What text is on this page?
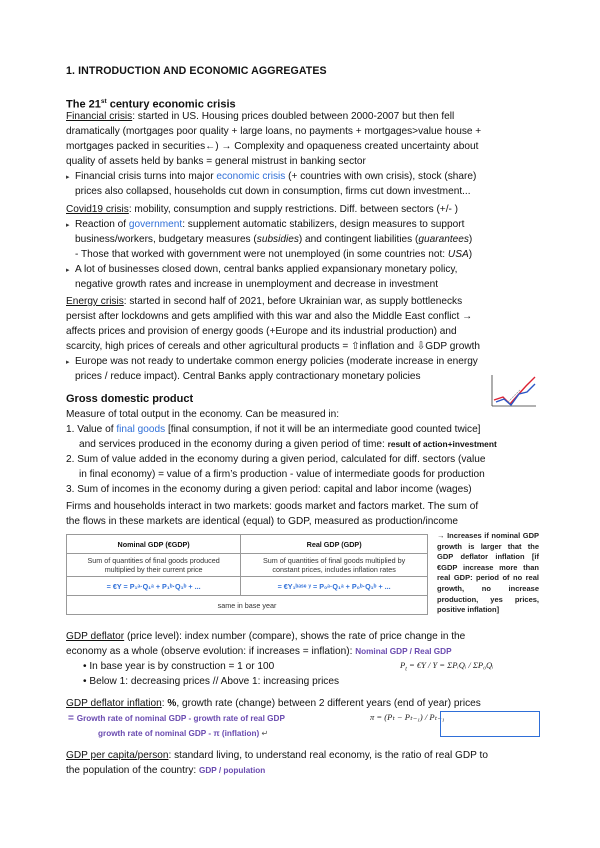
1. INTRODUCTION AND ECONOMIC AGGREGATES
The 21st century economic crisis
Financial crisis: started in US. Housing prices doubled between 2000-2007 but then fell
dramatically (mortgages poor quality + large loans, no payments + mortgages>value house +
mortgages packed in securities←) → Complexity and opaqueness created uncertainty about
quality of assets held by banks = general mistrust in banking sector
▸ Financial crisis turns into major economic crisis (+ countries with own crisis), stock (share)
prices also collapsed, households cut down in consumption, firms cut down investment...
Covid19 crisis: mobility, consumption and supply restrictions. Diff. between sectors (+/- )
▸ Reaction of government: supplement automatic stabilizers, design measures to support
business/workers, budgetary measures (subsidies) and contingent liabilities (guarantees)
- Those that worked with government were not unemployed (in some countries not: USA)
▸ A lot of businesses closed down, central banks applied expansionary monetary policy,
negative growth rates and increase in unemployment and decrease in investment
Energy crisis: started in second half of 2021, before Ukrainian war, as supply bottlenecks
persist after lockdowns and gets amplified with this war and also the Middle East conflict →
affects prices and provision of energy goods (+Europe and its industrial production) and
scarcity, high prices of cereals and other agricultural products = ⇧inflation and ⇩GDP growth
▸ Europe was not ready to undertake common energy policies (moderate increase in energy
prices / reduce impact). Central Banks apply contractionary monetary policies
Gross domestic product
Measure of total output in the economy. Can be measured in:
1. Value of final goods [final consumption, if not it will be an intermediate good counted twice]
and services produced in the economy during a given period of time: result of action+investment
2. Sum of value added in the economy during a given period, calculated for diff. sectors (value
in final economy) = value of a firm’s production - value of intermediate goods for production
3. Sum of incomes in the economy during a given period: capital and labor income (wages)
Firms and households interact in two markets: goods market and factors market. The sum of
the flows in these markets are identical (equal) to GDP, measured as production/income
Nominal GDP (€GDP)	Real GDP (GDP)
Sum of quantities of final goods produced
multiplied by their current price	Sum of quantities of final goods multiplied by
constant prices, includes inflation rates
= €Y = P₁ᵃ·Q₁ᵃ + P₁ᵇ·Q₁ᵇ + ...	= €Y₁ᵇᵃˢᵉ ʸ = P₀ᵃ·Q₁ᵃ + P₀ᵇ·Q₁ᵇ + ...
same in base year	
→ Increases if nominal GDP growth is larger that the GDP deflator inflation [if €GDP increase more than real GDP: period of no real growth, no increase production, yes prices, positive inflation]
GDP deflator (price level): index number (compare), shows the rate of price change in the
economy as a whole (observe evolution: if increases = inflation): Nominal GDP / Real GDP
• In base year is by construction = 1 or 100
• Below 1: decreasing prices // Above 1: increasing prices
$P_t$ = €Y / Y = ΣPᵢQᵢ / ΣP₀Qᵢ
GDP deflator inflation: %, growth rate (change) between 2 different years (end of year) prices
= Growth rate of nominal GDP - growth rate of real GDP
growth rate of nominal GDP - π (inflation) ↵
π = (Pₜ − Pₜ₋₁) / Pₜ₋₁
GDP per capita/person: standard living, to understand real economy, is the ratio of real GDP to
the population of the country: GDP / population
